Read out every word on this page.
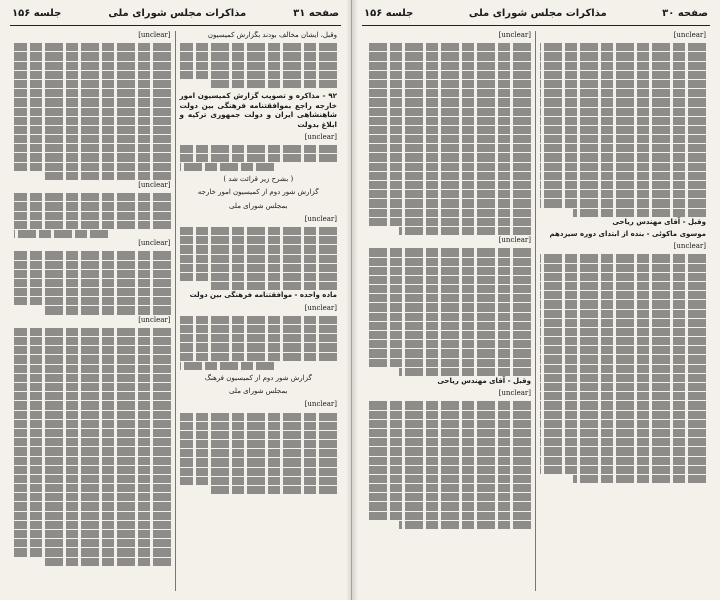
صفحه ۳۱
مذاکرات مجلس شورای ملی
جلسه ۱۵۶

وقبل، ایشان مخالف بودند بگزارش کمیسیون

۹۲ - مذاکره و تصویب گزارش کمیسیون امور خارجه راجع بموافقتنامه فرهنگی بین دولت شاهنشاهی ایران و دولت جمهوری ترکیه و ابلاغ بدولت

[unclear]

( بشرح زیر قرائت شد )

گزارش شور دوم از کمیسیون امور خارجه

بمجلس شورای ملی

[unclear]

ماده واحده - موافقتنامه فرهنگی بین دولت

[unclear]

گزارش شور دوم از کمیسیون فرهنگ

بمجلس شورای ملی

[unclear]

[unclear]

[unclear]

[unclear]

[unclear]

صفحه ۳۰
مذاکرات مجلس شورای ملی
جلسه ۱۵۶

[unclear]

وقبل - آقای مهندس ریاحی

موسوی ماکوئی - بنده از ابتدای دوره سیزدهم

[unclear]

[unclear]

[unclear]

وقبل - آقای مهندس ریاحی

[unclear]
